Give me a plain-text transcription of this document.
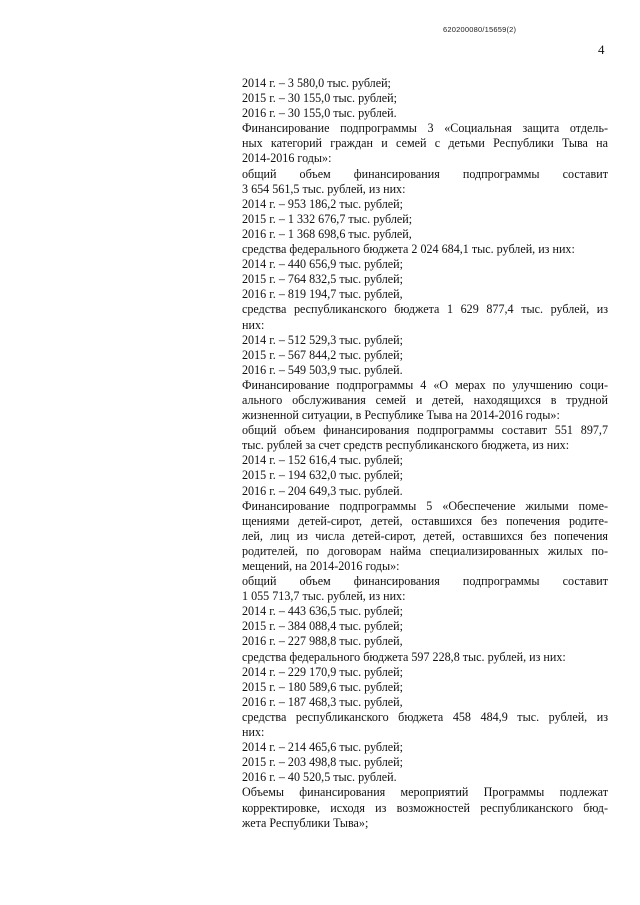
620200080/15659(2)
4
2014 г. – 3 580,0 тыс. рублей;
2015 г. – 30 155,0 тыс. рублей;
2016 г. – 30 155,0 тыс. рублей.
Финансирование подпрограммы 3 «Социальная защита отдель-
ных категорий граждан и семей с детьми Республики Тыва на
2014-2016 годы»:
общий объем финансирования подпрограммы составит
3 654 561,5 тыс. рублей, из них:
2014 г. – 953 186,2 тыс. рублей;
2015 г. – 1 332 676,7 тыс. рублей;
2016 г. – 1 368 698,6 тыс. рублей,
средства федерального бюджета 2 024 684,1 тыс. рублей, из них:
2014 г. – 440 656,9 тыс. рублей;
2015 г. – 764 832,5 тыс. рублей;
2016 г. – 819 194,7 тыс. рублей,
средства республиканского бюджета 1 629 877,4 тыс. рублей, из
них:
2014 г. – 512 529,3 тыс. рублей;
2015 г. – 567 844,2 тыс. рублей;
2016 г. – 549 503,9 тыс. рублей.
Финансирование подпрограммы 4 «О мерах по улучшению соци-
ального обслуживания семей и детей, находящихся в трудной
жизненной ситуации, в Республике Тыва на 2014-2016 годы»:
общий объем финансирования подпрограммы составит 551 897,7
тыс. рублей за счет средств республиканского бюджета, из них:
2014 г. – 152 616,4 тыс. рублей;
2015 г. – 194 632,0 тыс. рублей;
2016 г. – 204 649,3 тыс. рублей.
Финансирование подпрограммы 5 «Обеспечение жилыми поме-
щениями детей-сирот, детей, оставшихся без попечения родите-
лей, лиц из числа детей-сирот, детей, оставшихся без попечения
родителей, по договорам найма специализированных жилых по-
мещений, на 2014-2016 годы»:
общий объем финансирования подпрограммы составит
1 055 713,7 тыс. рублей, из них:
2014 г. – 443 636,5 тыс. рублей;
2015 г. – 384 088,4 тыс. рублей;
2016 г. – 227 988,8 тыс. рублей,
средства федерального бюджета 597 228,8 тыс. рублей, из них:
2014 г. – 229 170,9 тыс. рублей;
2015 г. – 180 589,6 тыс. рублей;
2016 г. – 187 468,3 тыс. рублей,
средства республиканского бюджета 458 484,9 тыс. рублей, из
них:
2014 г. – 214 465,6 тыс. рублей;
2015 г. – 203 498,8 тыс. рублей;
2016 г. – 40 520,5 тыс. рублей.
Объемы финансирования мероприятий Программы подлежат
корректировке, исходя из возможностей республиканского бюд-
жета Республики Тыва»;
